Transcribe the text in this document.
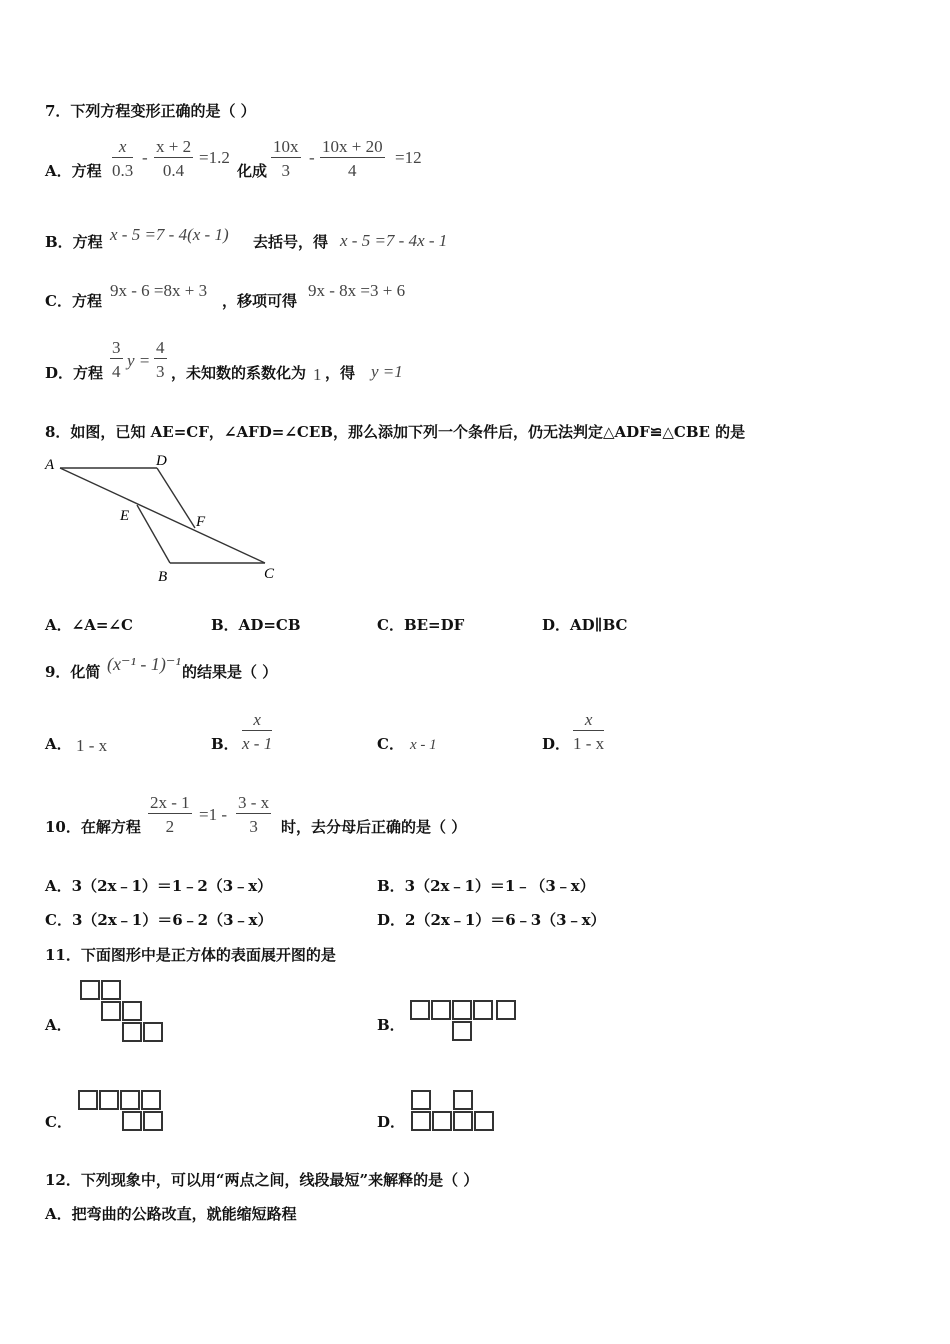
7．下列方程变形正确的是（ ）
A．方程 $\frac{x}{0.3} - \frac{x + 2}{0.4} =1.2$
化成 $\frac{10x}{3} - \frac{10x + 20}{4} =12$
B．方程 x - 5 =7 - 4(x - 1) 去括号，得 x - 5 =7 - 4x - 1
C．方程
9x - 6 =8x + 3
，移项可得
9x - 8x =3 + 6
D．方程 $\frac{3}{4}$ $y = \frac{4}{3}$ ，未知数的系数化为 1 ，得 y =1
8．如图，已知 AE=CF，∠AFD=∠CEB，那么添加下列一个条件后，仍无法判定△ADF≌△CBE 的是
A	D
E	F
B	C
A．∠A=∠C	B．AD=CB	C．BE=DF	D．AD∥BC
9．化简 (x⁻¹ - 1)⁻¹ 的结果是（ ）
A． 1 - x	B． $\frac{x}{x - 1}$	C． x - 1	D． $\frac{x}{1 - x}$
10．在解方程 $\frac{2x - 1}{2} =1 - \frac{3 - x}{3}$ 时，去分母后正确的是（ ）
A．3（2x﹣1）＝1﹣2（3﹣x）	B．3（2x﹣1）＝1﹣（3﹣x）
C．3（2x﹣1）＝6﹣2（3﹣x）	D．2（2x﹣1）＝6﹣3（3﹣x）
11．下面图形中是正方体的表面展开图的是
A．	B．
C．	D．
12．下列现象中，可以用“两点之间，线段最短”来解释的是（ ）
A．把弯曲的公路改直，就能缩短路程
